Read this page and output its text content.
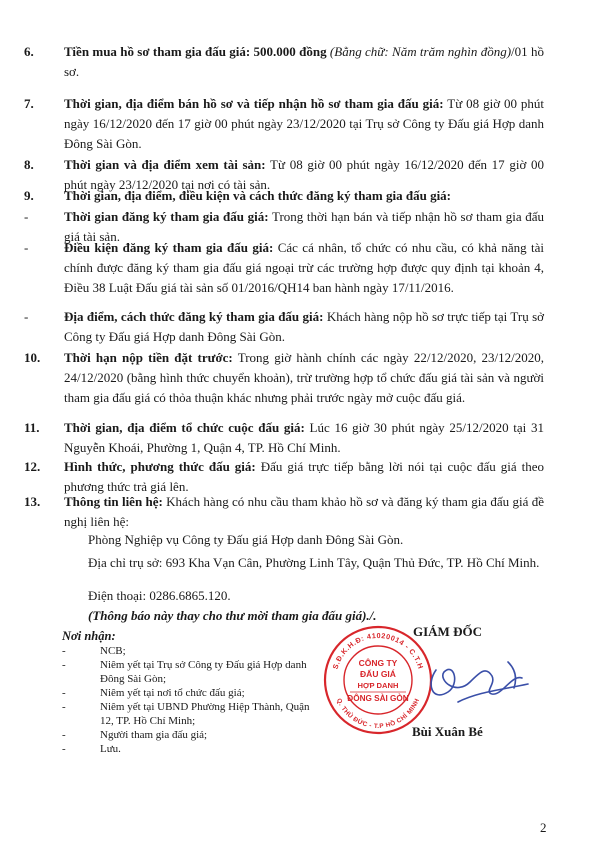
6. Tiền mua hồ sơ tham gia đấu giá: 500.000 đồng (Bằng chữ: Năm trăm nghìn đồng)/01 hồ sơ.
7. Thời gian, địa điểm bán hồ sơ và tiếp nhận hồ sơ tham gia đấu giá: Từ 08 giờ 00 phút ngày 16/12/2020 đến 17 giờ 00 phút ngày 23/12/2020 tại Trụ sở Công ty Đấu giá Hợp danh Đông Sài Gòn.
8. Thời gian và địa điểm xem tài sản: Từ 08 giờ 00 phút ngày 16/12/2020 đến 17 giờ 00 phút ngày 23/12/2020 tại nơi có tài sản.
9. Thời gian, địa điểm, điều kiện và cách thức đăng ký tham gia đấu giá:
-	Thời gian đăng ký tham gia đấu giá: Trong thời hạn bán và tiếp nhận hồ sơ tham gia đấu giá tài sản.
-	Điều kiện đăng ký tham gia đấu giá: Các cá nhân, tổ chức có nhu cầu, có khả năng tài chính được đăng ký tham gia đấu giá ngoại trừ các trường hợp được quy định tại khoản 4, Điều 38 Luật Đấu giá tài sản số 01/2016/QH14 ban hành ngày 17/11/2016.
-	Địa điểm, cách thức đăng ký tham gia đấu giá: Khách hàng nộp hồ sơ trực tiếp tại Trụ sở Công ty Đấu giá Hợp danh Đông Sài Gòn.
10. Thời hạn nộp tiền đặt trước: Trong giờ hành chính các ngày 22/12/2020, 23/12/2020, 24/12/2020 (bằng hình thức chuyển khoản), trừ trường hợp tổ chức đấu giá tài sản và người tham gia đấu giá có thỏa thuận khác nhưng phải trước ngày mở cuộc đấu giá.
11. Thời gian, địa điểm tổ chức cuộc đấu giá: Lúc 16 giờ 30 phút ngày 25/12/2020 tại 31 Nguyễn Khoái, Phường 1, Quận 4, TP. Hồ Chí Minh.
12. Hình thức, phương thức đấu giá: Đấu giá trực tiếp bằng lời nói tại cuộc đấu giá theo phương thức trả giá lên.
13. Thông tin liên hệ: Khách hàng có nhu cầu tham khảo hồ sơ và đăng ký tham gia đấu giá đề nghị liên hệ:
Phòng Nghiệp vụ Công ty Đấu giá Hợp danh Đông Sài Gòn.
Địa chỉ trụ sở: 693 Kha Vạn Cân, Phường Linh Tây, Quận Thủ Đức, TP. Hồ Chí Minh.
Điện thoại: 0286.6865.120.
(Thông báo này thay cho thư mời tham gia đấu giá)./.
Nơi nhận:
-	NCB;
-	Niêm yết tại Trụ sở Công ty Đấu giá Hợp danh Đông Sài Gòn;
-	Niêm yết tại nơi tổ chức đấu giá;
-	Niêm yết tại UBND Phường Hiệp Thành, Quận 12, TP. Hồ Chí Minh;
-	Người tham gia đấu giá;
-	Lưu.
GIÁM ĐỐC
S.Đ.K.H.Đ: 41020014 - C.T.H
Q. THỦ ĐỨC - T.P HỒ CHÍ MINH
CÔNG TY
ĐẤU GIÁ
HỢP DANH
ĐÔNG SÀI GÒN
Bùi Xuân Bé
2
